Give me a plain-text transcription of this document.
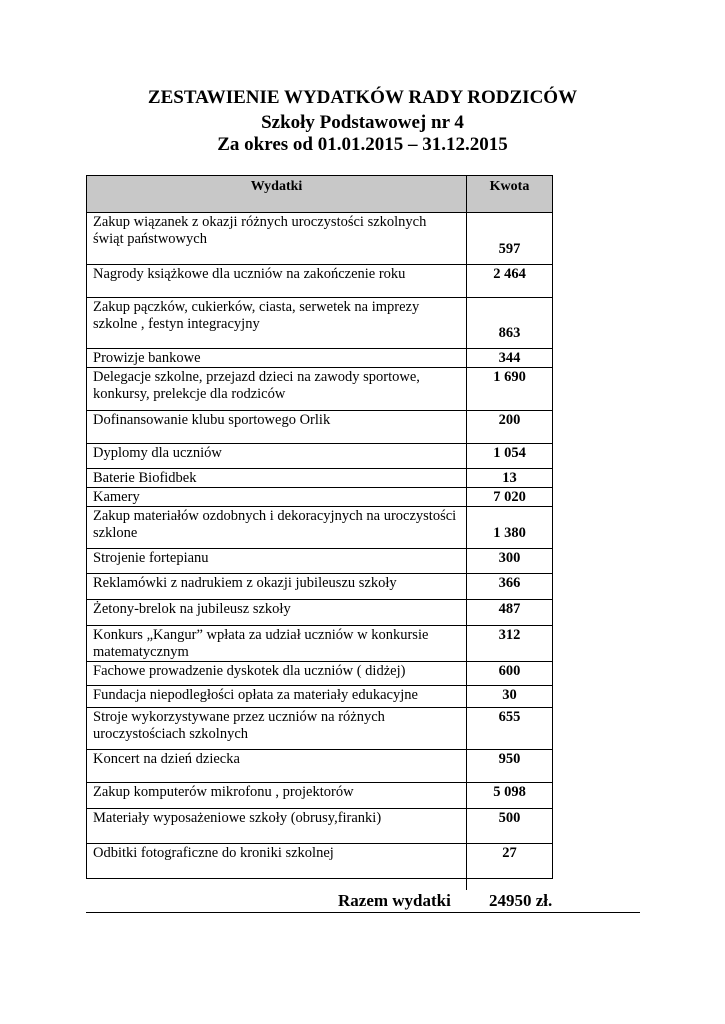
ZESTAWIENIE WYDATKÓW RADY RODZICÓW
Szkoły Podstawowej nr 4
Za okres od 01.01.2015 – 31.12.2015
Wydatki	Kwota
Zakup wiązanek z okazji różnych uroczystości szkolnych świąt państwowych	597
Nagrody książkowe dla uczniów na zakończenie roku	2 464
Zakup pączków, cukierków, ciasta, serwetek na imprezy szkolne , festyn integracyjny	863
Prowizje bankowe	344
Delegacje szkolne, przejazd dzieci na zawody sportowe, konkursy, prelekcje dla rodziców	1 690
Dofinansowanie klubu sportowego Orlik	200
Dyplomy dla uczniów	1 054
Baterie Biofidbek	13
Kamery	7 020
Zakup materiałów ozdobnych i dekoracyjnych na uroczystości szklone	1 380
Strojenie fortepianu	300
Reklamówki z nadrukiem z okazji jubileuszu szkoły	366
Żetony-brelok na jubileusz szkoły	487
Konkurs „Kangur” wpłata za udział uczniów w konkursie matematycznym	312
Fachowe prowadzenie dyskotek dla uczniów ( didżej)	600
Fundacja niepodległości opłata za materiały edukacyjne	30
Stroje wykorzystywane przez uczniów na różnych uroczystościach szkolnych	655
Koncert na dzień dziecka	950
Zakup komputerów mikrofonu , projektorów	5 098
Materiały wyposażeniowe szkoły (obrusy,firanki)	500
Odbitki fotograficzne do kroniki szkolnej	27
Razem wydatki 24950 zł.
